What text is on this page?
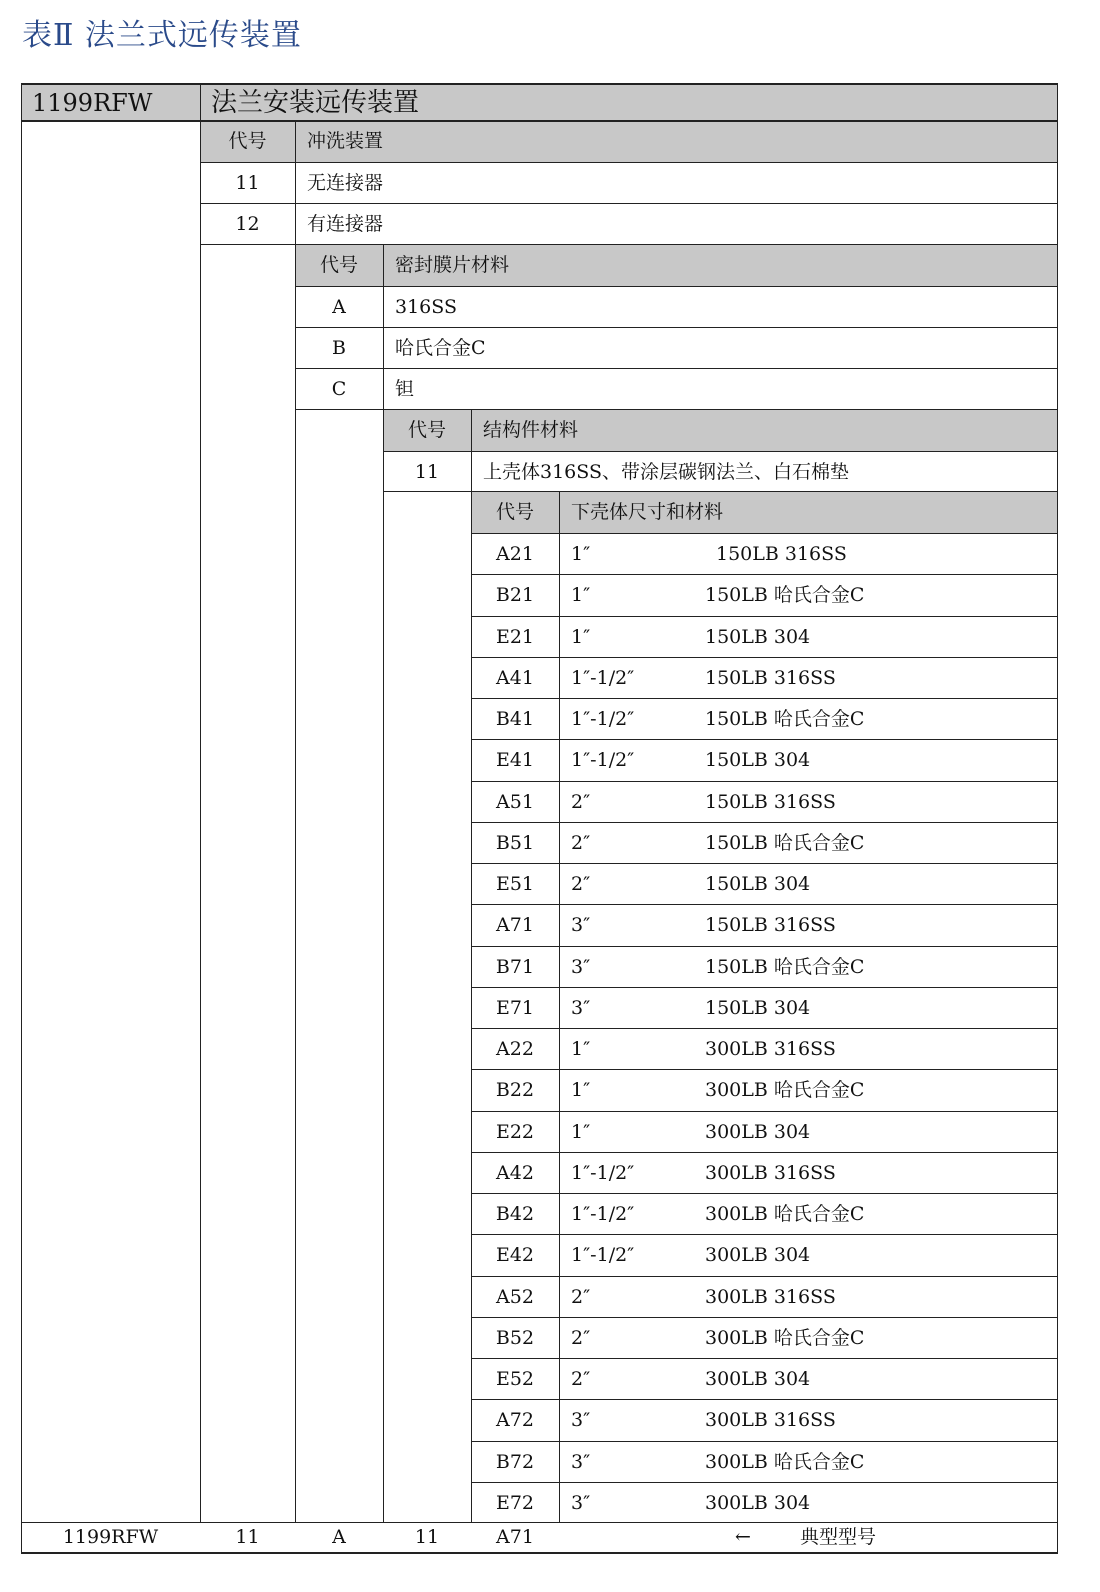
表Ⅱ 法兰式远传装置
A21	1″	150LB 316SS
B21	1″	150LB 哈氏合金C
E21	1″	150LB 304
A41	1″-1/2″	150LB 316SS
B41	1″-1/2″	150LB 哈氏合金C
E41	1″-1/2″	150LB 304
A51	2″	150LB 316SS
B51	2″	150LB 哈氏合金C
E51	2″	150LB 304
A71	3″	150LB 316SS
B71	3″	150LB 哈氏合金C
E71	3″	150LB 304
A22	1″	300LB 316SS
B22	1″	300LB 哈氏合金C
E22	1″	300LB 304
A42	1″-1/2″	300LB 316SS
B42	1″-1/2″	300LB 哈氏合金C
E42	1″-1/2″	300LB 304
A52	2″	300LB 316SS
B52	2″	300LB 哈氏合金C
E52	2″	300LB 304
A72	3″	300LB 316SS
B72	3″	300LB 哈氏合金C
E72	3″	300LB 304
1199RFW 法兰安装远传装置
代号	冲洗装置
11	无连接器
12	有连接器
代号	密封膜片材料
A	316SS
B	哈氏合金C
C	钽
代号	结构件材料
11	上壳体316SS、带涂层碳钢法兰、白石棉垫
代号	下壳体尺寸和材料
1199RFW	11	A	11	A71	←	典型型号
